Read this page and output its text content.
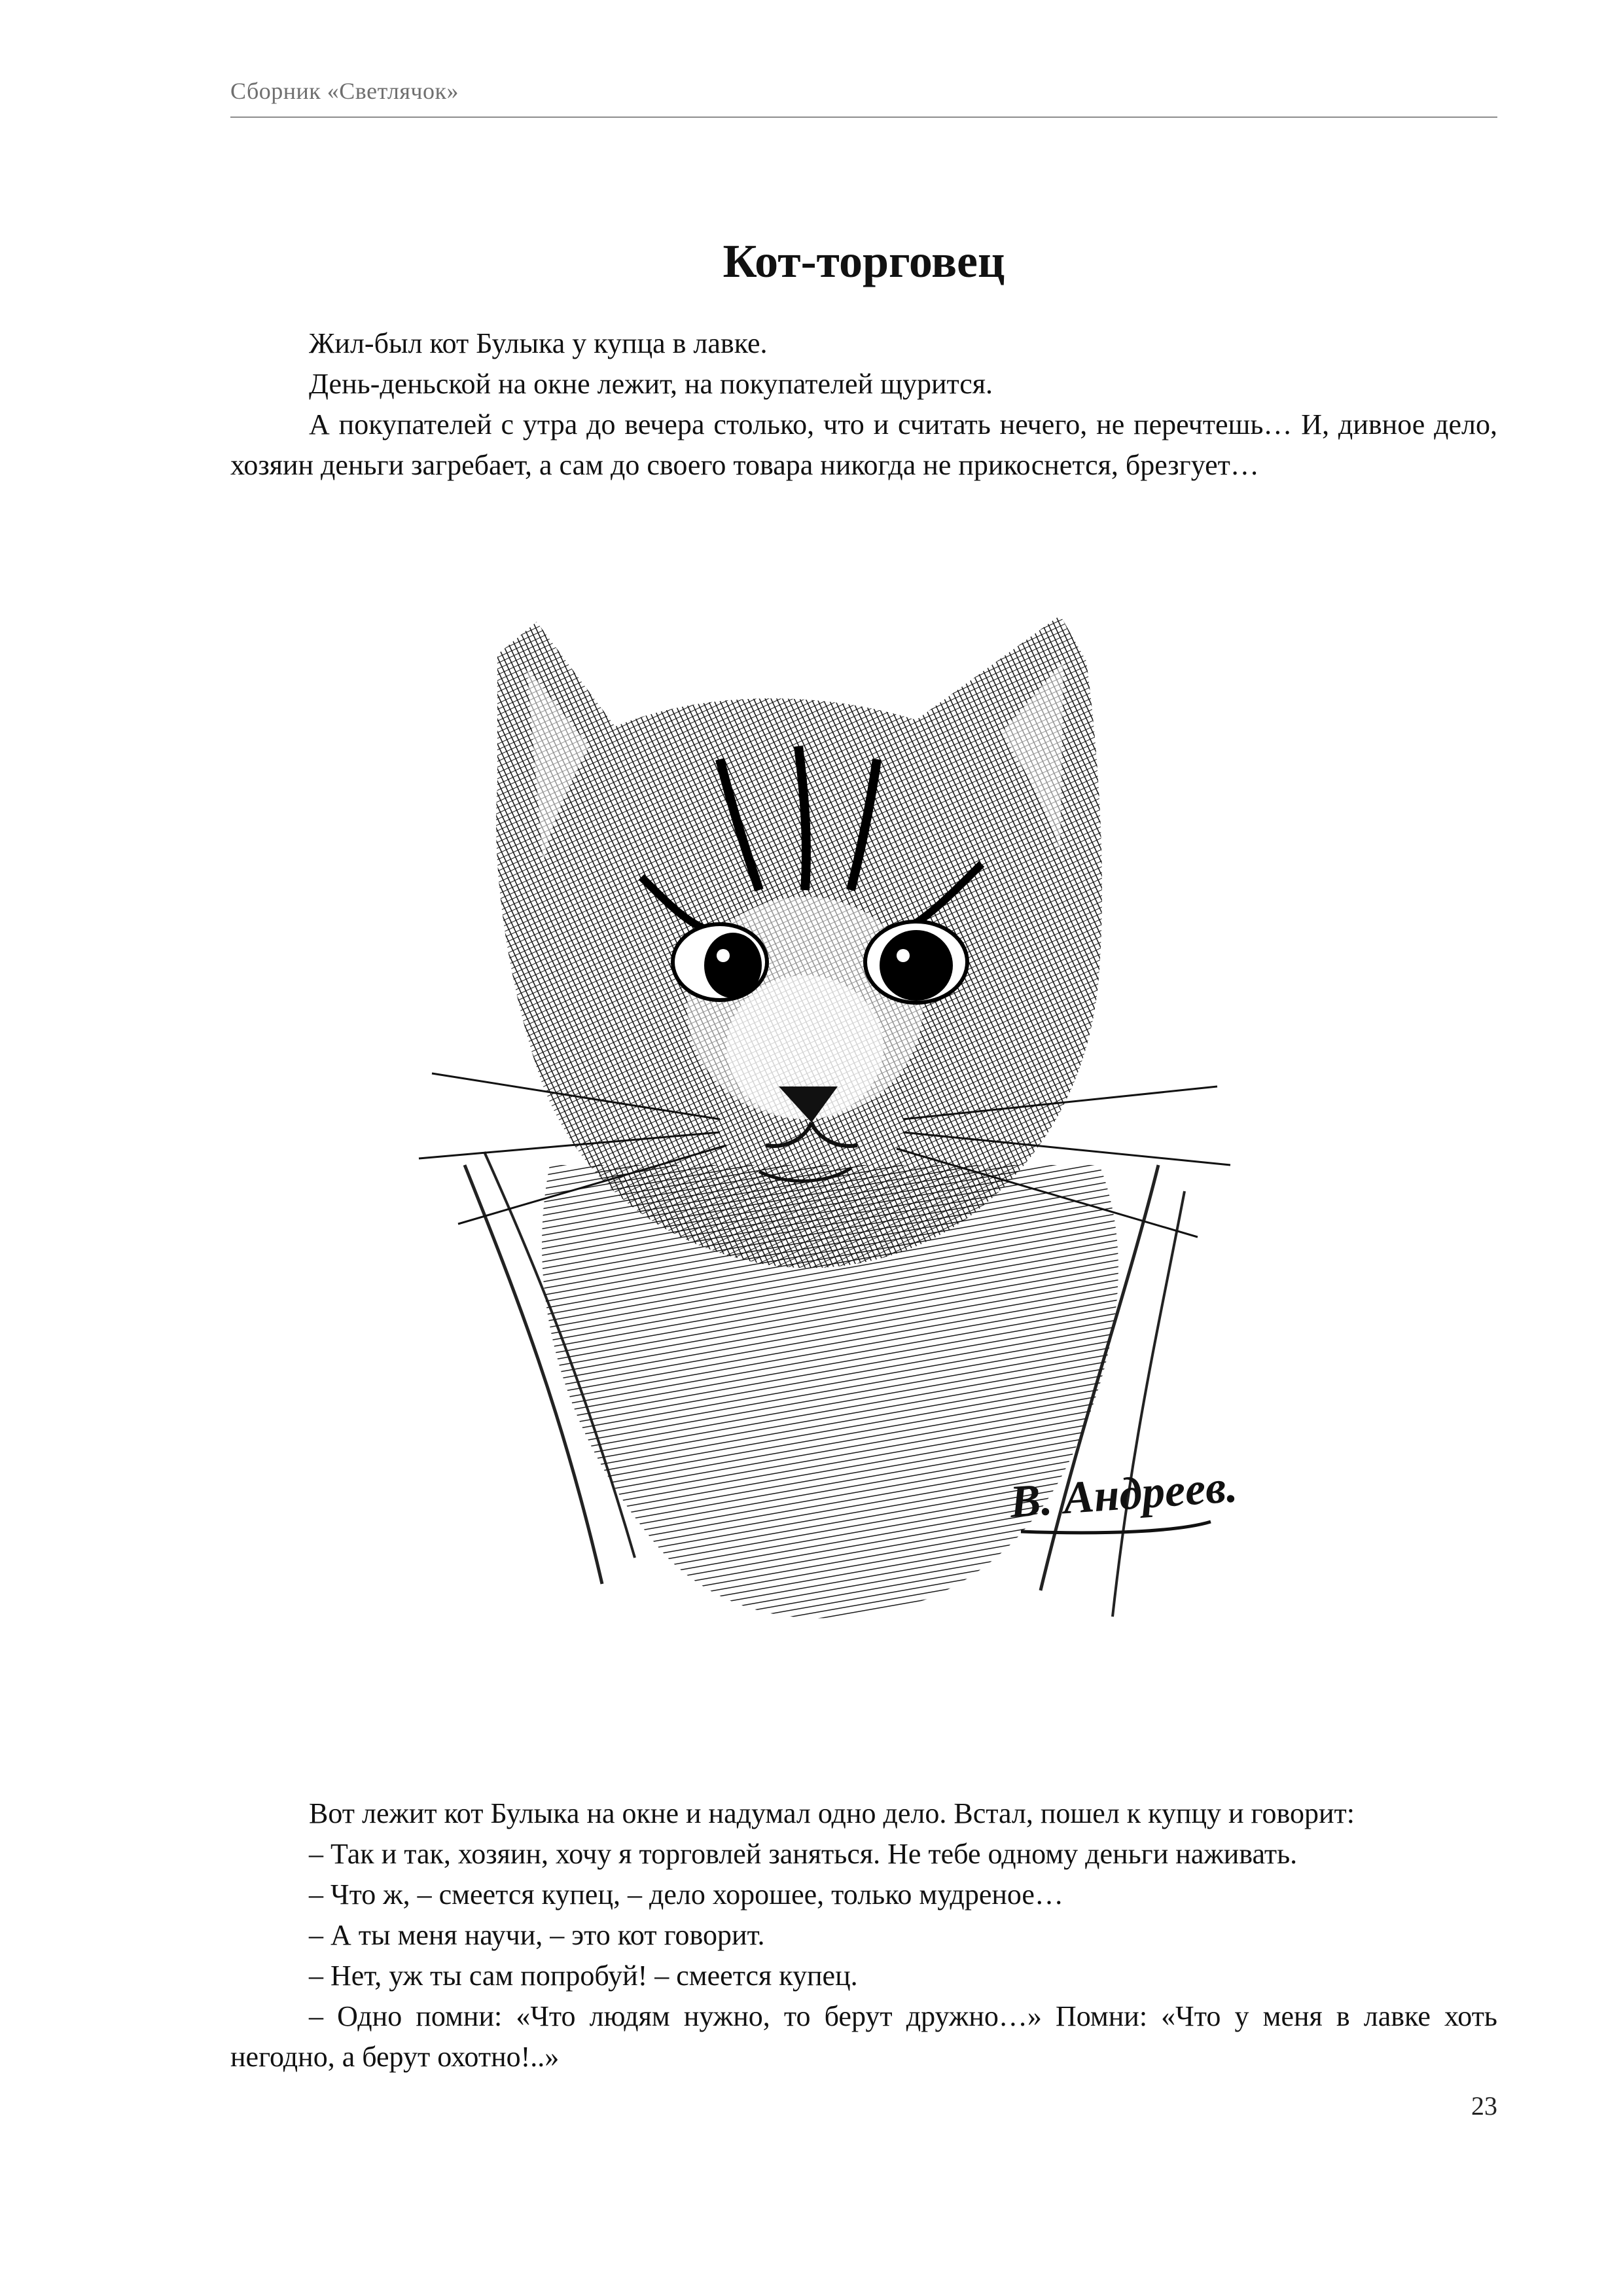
Сборник «Светлячок»
Кот-торговец

Жил-был кот Булыка у купца в лавке.

День-деньской на окне лежит, на покупателей щурится.

А покупателей с утра до вечера столько, что и считать нечего, не перечтешь… И, дивное дело, хозяин деньги загребает, а сам до своего товара никогда не прикоснется, брезгует…

В. Андреев.

Вот лежит кот Булыка на окне и надумал одно дело. Встал, пошел к купцу и говорит:

– Так и так, хозяин, хочу я торговлей заняться. Не тебе одному деньги наживать.

– Что ж, – смеется купец, – дело хорошее, только мудреное…

– А ты меня научи, – это кот говорит.

– Нет, уж ты сам попробуй! – смеется купец.

– Одно помни: «Что людям нужно, то берут дружно…» Помни: «Что у меня в лавке хоть негодно, а берут охотно!..»

23
